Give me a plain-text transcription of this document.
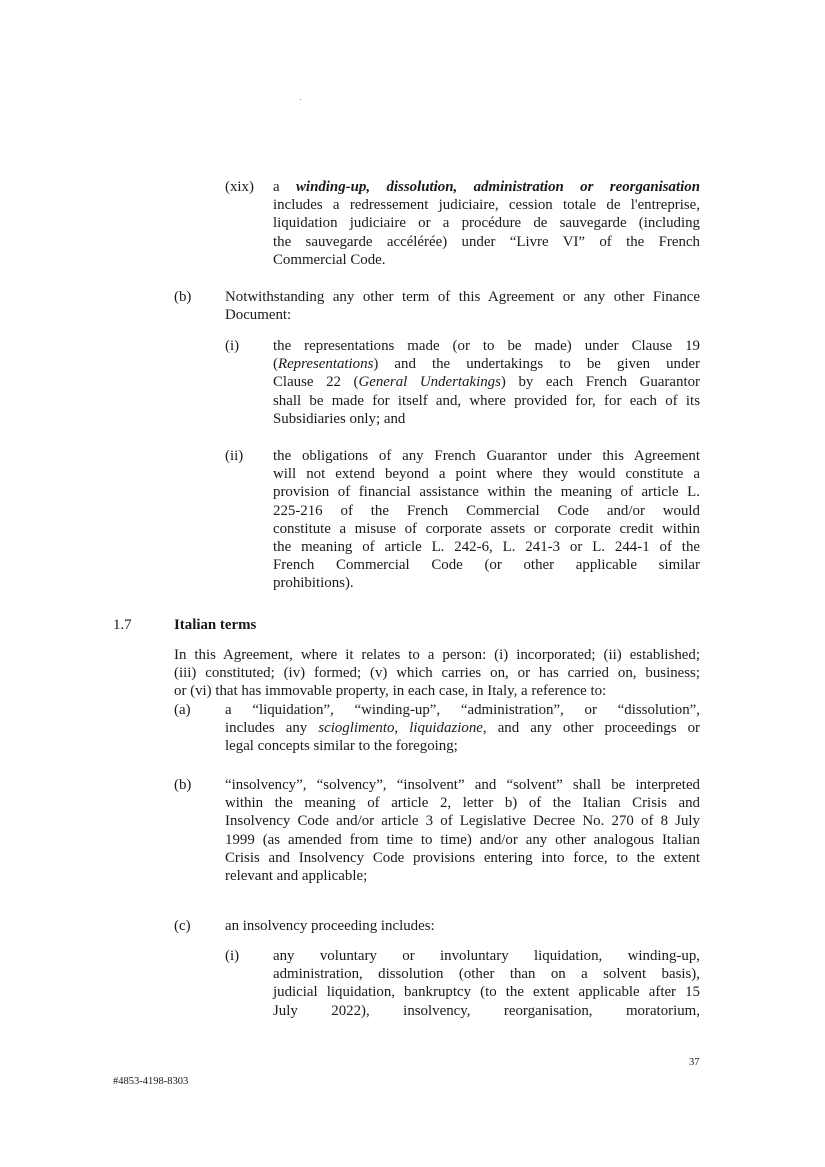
(xix) a winding-up, dissolution, administration or reorganisation
includes a redressement judiciaire, cession totale de l'entreprise,
liquidation judiciaire or a procédure de sauvegarde (including
the sauvegarde accélérée) under “Livre VI” of the French
Commercial Code.
(b) Notwithstanding any other term of this Agreement or any other Finance
Document:
(i) the representations made (or to be made) under Clause 19
(Representations) and the undertakings to be given under
Clause 22 (General Undertakings) by each French Guarantor
shall be made for itself and, where provided for, for each of its
Subsidiaries only; and
(ii) the obligations of any French Guarantor under this Agreement
will not extend beyond a point where they would constitute a
provision of financial assistance within the meaning of article L.
225-216 of the French Commercial Code and/or would
constitute a misuse of corporate assets or corporate credit within
the meaning of article L. 242-6, L. 241-3 or L. 244-1 of the
French Commercial Code (or other applicable similar
prohibitions).
1.7	Italian terms
In this Agreement, where it relates to a person: (i) incorporated; (ii) established;
(iii) constituted; (iv) formed; (v) which carries on, or has carried on, business;
or (vi) that has immovable property, in each case, in Italy, a reference to:
(a) a “liquidation”, “winding-up”, “administration”, or “dissolution”,
includes any scioglimento, liquidazione, and any other proceedings or
legal concepts similar to the foregoing;
(b) “insolvency”, “solvency”, “insolvent” and “solvent” shall be interpreted
within the meaning of article 2, letter b) of the Italian Crisis and
Insolvency Code and/or article 3 of Legislative Decree No. 270 of 8 July
1999 (as amended from time to time) and/or any other analogous Italian
Crisis and Insolvency Code provisions entering into force, to the extent
relevant and applicable;
(c) an insolvency proceeding includes:
(i) any voluntary or involuntary liquidation, winding-up,
administration, dissolution (other than on a solvent basis),
judicial liquidation, bankruptcy (to the extent applicable after 15
July 2022), insolvency, reorganisation, moratorium,
37
#4853-4198-8303
